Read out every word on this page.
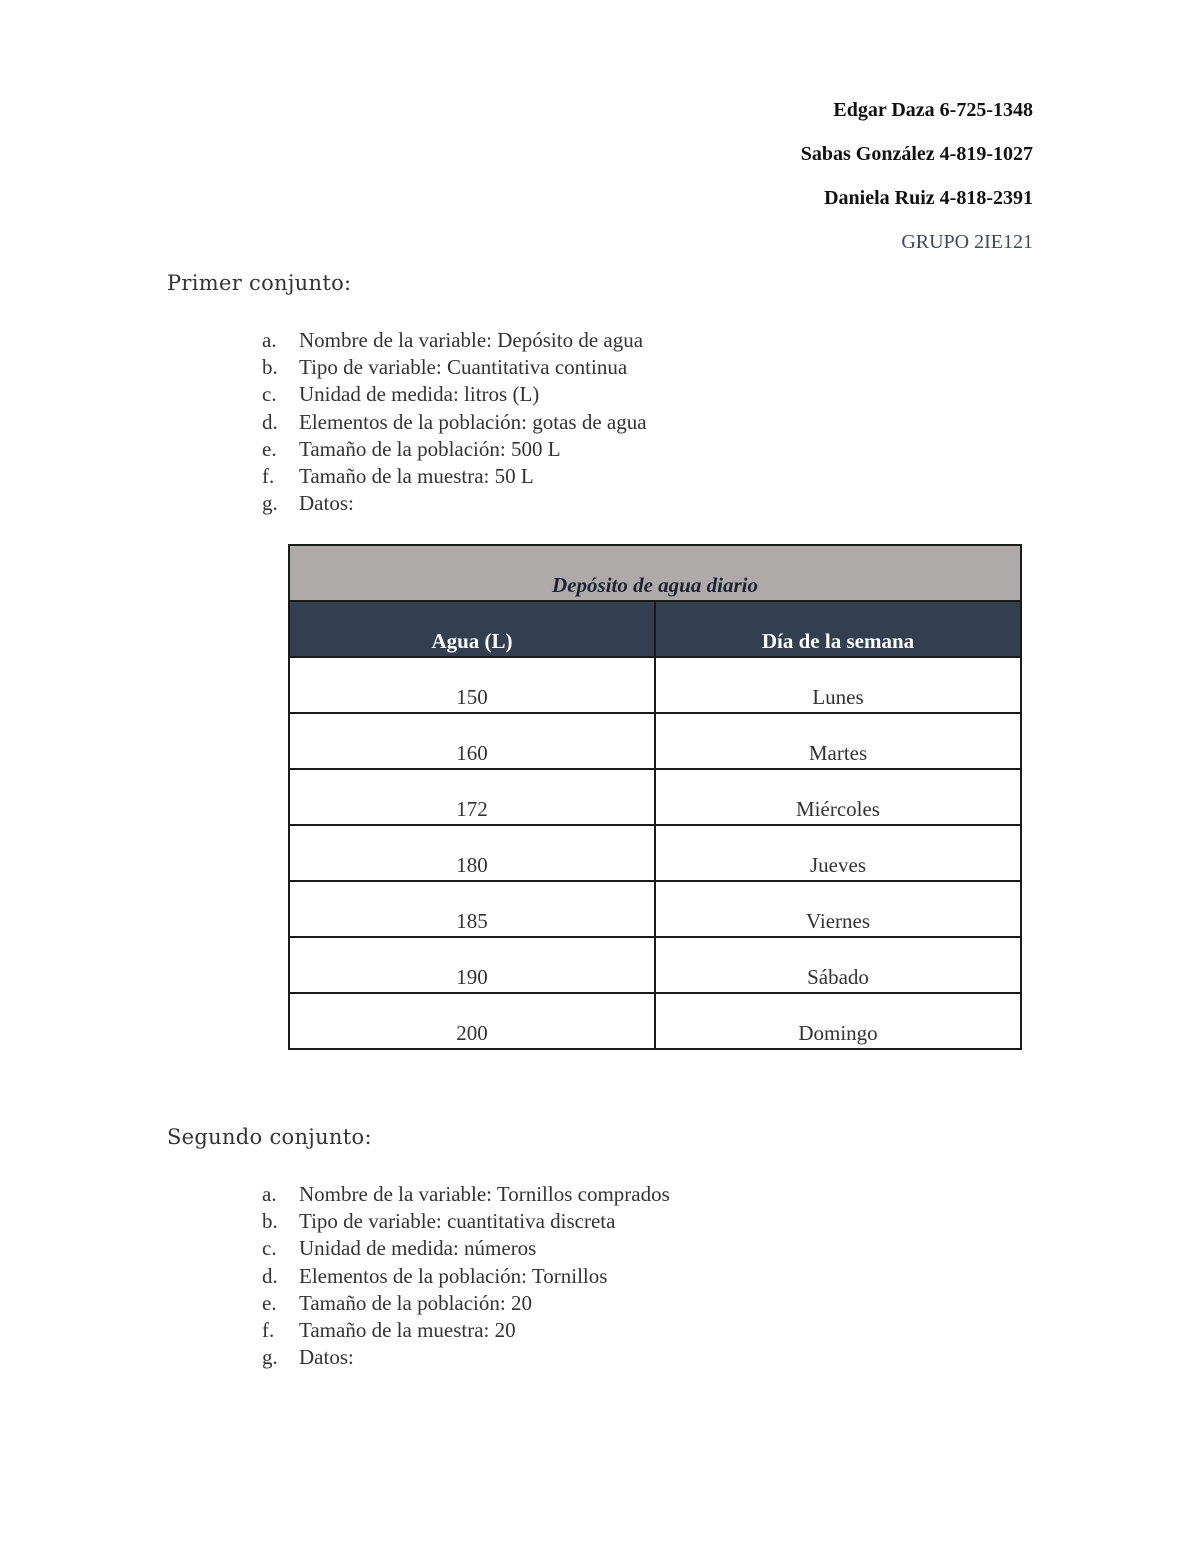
Edgar Daza 6-725-1348
Sabas González 4-819-1027
Daniela Ruiz 4-818-2391
GRUPO 2IE121
Primer conjunto:
a. Nombre de la variable: Depósito de agua
b. Tipo de variable: Cuantitativa continua
c. Unidad de medida: litros (L)
d. Elementos de la población: gotas de agua
e. Tamaño de la población: 500 L
f. Tamaño de la muestra: 50 L
g. Datos:
Depósito de agua diario	
Agua (L)	Día de la semana
150	Lunes
160	Martes
172	Miércoles
180	Jueves
185	Viernes
190	Sábado
200	Domingo
Segundo conjunto:
a. Nombre de la variable: Tornillos comprados
b. Tipo de variable: cuantitativa discreta
c. Unidad de medida: números
d. Elementos de la población: Tornillos
e. Tamaño de la población: 20
f. Tamaño de la muestra: 20
g. Datos:
